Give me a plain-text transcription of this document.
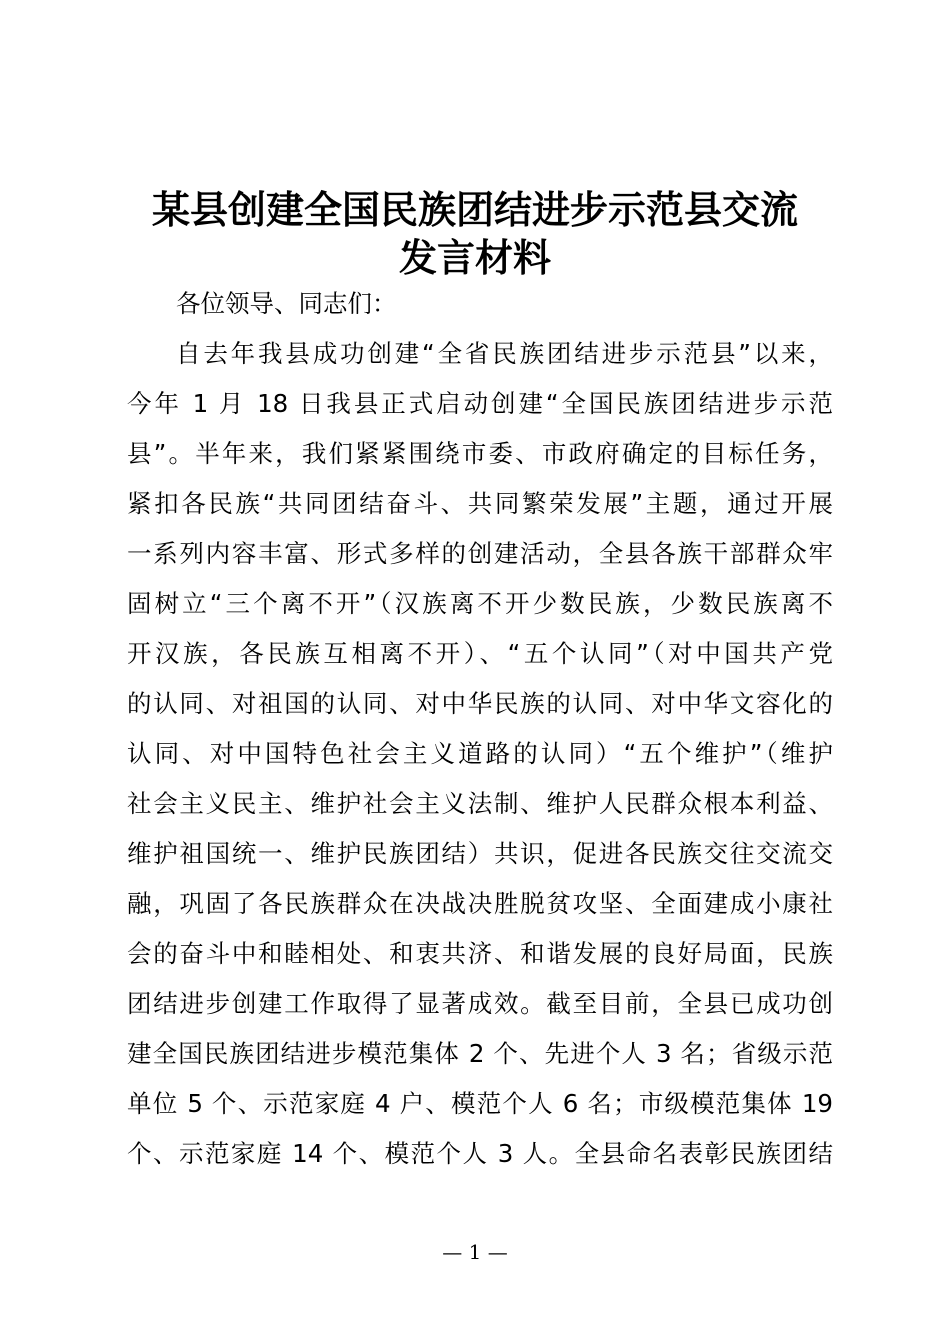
某县创建全国民族团结进步示范县交流
发言材料
各位领导、同志们：
自去年我县成功创建“全省民族团结进步示范县”以来，
今年 1 月 18 日我县正式启动创建“全国民族团结进步示范
县”。半年来，我们紧紧围绕市委、市政府确定的目标任务，
紧扣各民族“共同团结奋斗、共同繁荣发展”主题，通过开展
一系列内容丰富、形式多样的创建活动，全县各族干部群众牢
固树立“三个离不开”（汉族离不开少数民族，少数民族离不
开汉族，各民族互相离不开）、“五个认同”（对中国共产党
的认同、对祖国的认同、对中华民族的认同、对中华文容化的
认同、对中国特色社会主义道路的认同）“五个维护”（维护
社会主义民主、维护社会主义法制、维护人民群众根本利益、
维护祖国统一、维护民族团结）共识，促进各民族交往交流交
融，巩固了各民族群众在决战决胜脱贫攻坚、全面建成小康社
会的奋斗中和睦相处、和衷共济、和谐发展的良好局面，民族
团结进步创建工作取得了显著成效。截至目前，全县已成功创
建全国民族团结进步模范集体 2 个、先进个人 3 名；省级示范
单位 5 个、示范家庭 4 户、模范个人 6 名；市级模范集体 19
个、示范家庭 14 个、模范个人 3 人。全县命名表彰民族团结
— 1 —
